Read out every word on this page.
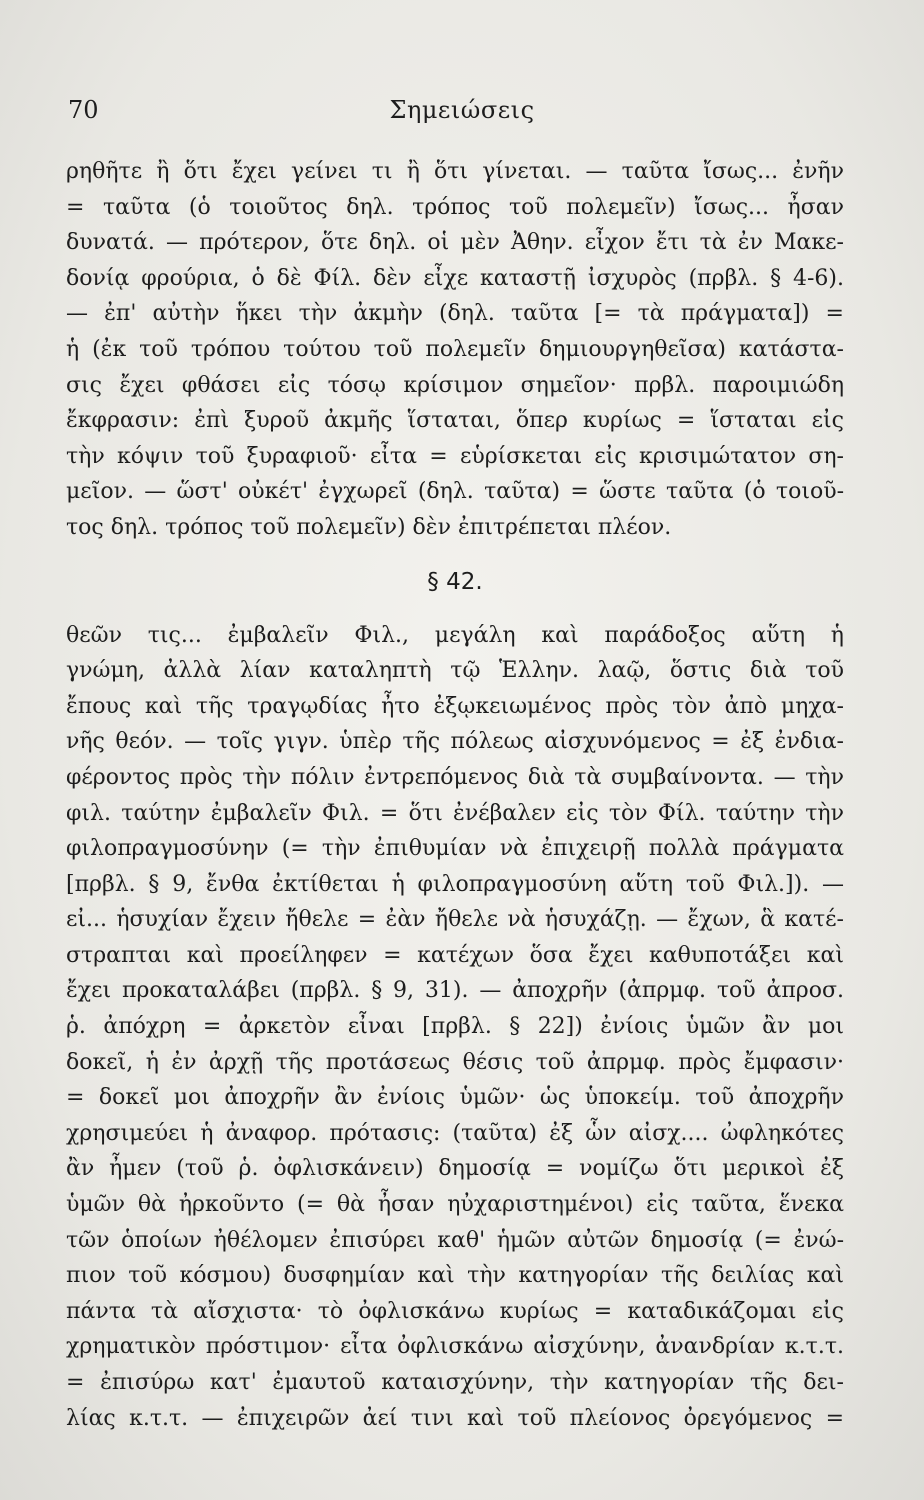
70	Σημειώσεις
ρηθῆτε ἢ ὅτι ἔχει γείνει τι ἢ ὅτι γίνεται. — ταῦτα ἴσως... ἐνῆν
= ταῦτα (ὁ τοιοῦτος δηλ. τρόπος τοῦ πολεμεῖν) ἴσως... ἦσαν
δυνατά. — πρότερον, ὅτε δηλ. οἱ μὲν Ἀθην. εἶχον ἔτι τὰ ἐν Μακε-
δονίᾳ φρούρια, ὁ δὲ Φίλ. δὲν εἶχε καταστῇ ἰσχυρὸς (πρβλ. § 4-6).
— ἐπ' αὐτὴν ἥκει τὴν ἀκμὴν (δηλ. ταῦτα [= τὰ πράγματα]) =
ἡ (ἐκ τοῦ τρόπου τούτου τοῦ πολεμεῖν δημιουργηθεῖσα) κατάστα-
σις ἔχει φθάσει εἰς τόσῳ κρίσιμον σημεῖον· πρβλ. παροιμιώδη
ἔκφρασιν: ἐπὶ ξυροῦ ἀκμῆς ἵσταται, ὅπερ κυρίως = ἵσταται εἰς
τὴν κόψιν τοῦ ξυραφιοῦ· εἶτα = εὑρίσκεται εἰς κρισιμώτατον ση-
μεῖον. — ὥστ' οὐκέτ' ἐγχωρεῖ (δηλ. ταῦτα) = ὥστε ταῦτα (ὁ τοιοῦ-
τος δηλ. τρόπος τοῦ πολεμεῖν) δὲν ἐπιτρέπεται πλέον.
§ 42.
θεῶν τις... ἐμβαλεῖν Φιλ., μεγάλη καὶ παράδοξος αὕτη ἡ
γνώμη, ἀλλὰ λίαν καταληπτὴ τῷ Ἑλλην. λαῷ, ὅστις διὰ τοῦ
ἔπους καὶ τῆς τραγῳδίας ἦτο ἐξῳκειωμένος πρὸς τὸν ἀπὸ μηχα-
νῆς θεόν. — τοῖς γιγν. ὑπὲρ τῆς πόλεως αἰσχυνόμενος = ἐξ ἐνδια-
φέροντος πρὸς τὴν πόλιν ἐντρεπόμενος διὰ τὰ συμβαίνοντα. — τὴν
φιλ. ταύτην ἐμβαλεῖν Φιλ. = ὅτι ἐνέβαλεν εἰς τὸν Φίλ. ταύτην τὴν
φιλοπραγμοσύνην (= τὴν ἐπιθυμίαν νὰ ἐπιχειρῇ πολλὰ πράγματα
[πρβλ. § 9, ἔνθα ἐκτίθεται ἡ φιλοπραγμοσύνη αὕτη τοῦ Φιλ.]). —
εἰ... ἡσυχίαν ἔχειν ἤθελε = ἐὰν ἤθελε νὰ ἡσυχάζῃ. — ἔχων, ἃ κατέ-
στραπται καὶ προείληφεν = κατέχων ὅσα ἔχει καθυποτάξει καὶ
ἔχει προκαταλάβει (πρβλ. § 9, 31). — ἀποχρῆν (ἀπρμφ. τοῦ ἀπροσ.
ῥ. ἀπόχρη = ἀρκετὸν εἶναι [πρβλ. § 22]) ἐνίοις ὑμῶν ἂν μοι
δοκεῖ, ἡ ἐν ἀρχῇ τῆς προτάσεως θέσις τοῦ ἀπρμφ. πρὸς ἔμφασιν·
= δοκεῖ μοι ἀποχρῆν ἂν ἐνίοις ὑμῶν· ὡς ὑποκείμ. τοῦ ἀποχρῆν
χρησιμεύει ἡ ἀναφορ. πρότασις: (ταῦτα) ἐξ ὧν αἰσχ.... ὠφληκότες
ἂν ἦμεν (τοῦ ῥ. ὀφλισκάνειν) δημοσίᾳ = νομίζω ὅτι μερικοὶ ἐξ
ὑμῶν θὰ ἠρκοῦντο (= θὰ ἦσαν ηὐχαριστημένοι) εἰς ταῦτα, ἕνεκα
τῶν ὁποίων ἠθέλομεν ἐπισύρει καθ' ἡμῶν αὐτῶν δημοσίᾳ (= ἐνώ-
πιον τοῦ κόσμου) δυσφημίαν καὶ τὴν κατηγορίαν τῆς δειλίας καὶ
πάντα τὰ αἴσχιστα· τὸ ὀφλισκάνω κυρίως = καταδικάζομαι εἰς
χρηματικὸν πρόστιμον· εἶτα ὀφλισκάνω αἰσχύνην, ἀνανδρίαν κ.τ.τ.
= ἐπισύρω κατ' ἐμαυτοῦ καταισχύνην, τὴν κατηγορίαν τῆς δει-
λίας κ.τ.τ. — ἐπιχειρῶν ἀεί τινι καὶ τοῦ πλείονος ὀρεγόμενος =
